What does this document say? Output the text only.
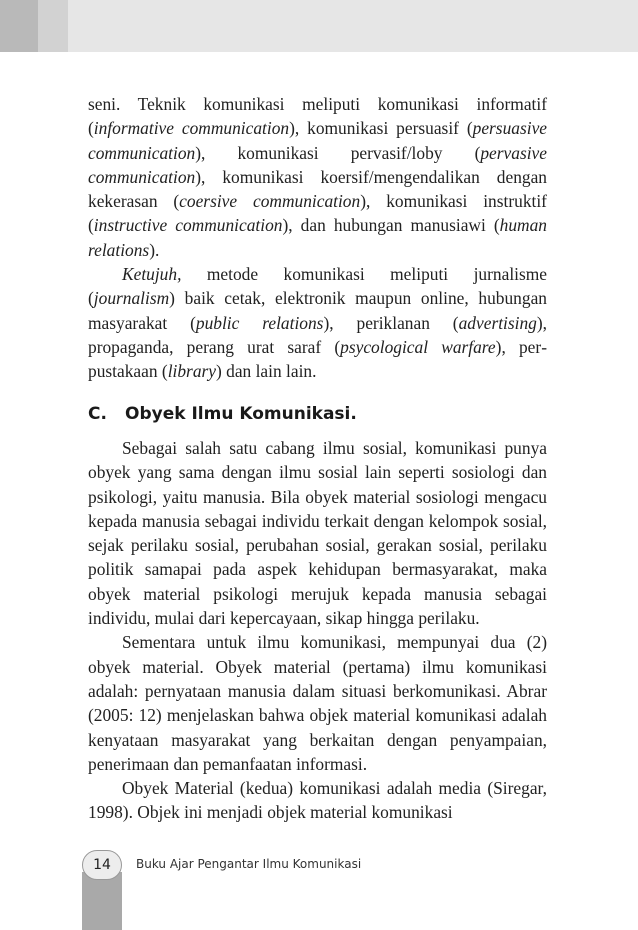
seni. Teknik komunikasi meliputi komunikasi informatif (informative communication), komunikasi persuasif (persuasive communication), komunikasi pervasif/loby (pervasive communication), komunikasi koersif/mengendalikan dengan kekerasan (coersive communication), komunikasi instruktif (instructive communication), dan hubungan manusiawi (human relations).

Ketujuh, metode komunikasi meliputi jurnalisme (journalism) baik cetak, elektronik maupun online, hubungan masyarakat (public relations), periklanan (advertising), propaganda, perang urat saraf (psycological warfare), perpustakaan (library) dan lain lain.

C. Obyek Ilmu Komunikasi.

Sebagai salah satu cabang ilmu sosial, komunikasi punya obyek yang sama dengan ilmu sosial lain seperti sosiologi dan psikologi, yaitu manusia. Bila obyek material sosiologi mengacu kepada manusia sebagai individu terkait dengan kelompok sosial, sejak perilaku sosial, perubahan sosial, gerakan sosial, perilaku politik samapai pada aspek kehidupan bermasyarakat, maka obyek material psikologi merujuk kepada manusia sebagai individu, mulai dari kepercayaan, sikap hingga perilaku.

Sementara untuk ilmu komunikasi, mempunyai dua (2) obyek material. Obyek material (pertama) ilmu komunikasi adalah: pernyataan manusia dalam situasi berkomunikasi. Abrar (2005: 12) menjelaskan bahwa objek material komunikasi adalah kenyataan masyarakat yang berkaitan dengan penyampaian, penerimaan dan pemanfaatan informasi.

Obyek Material (kedua) komunikasi adalah media (Siregar, 1998). Objek ini menjadi objek material komunikasi

14	Buku Ajar Pengantar Ilmu Komunikasi
